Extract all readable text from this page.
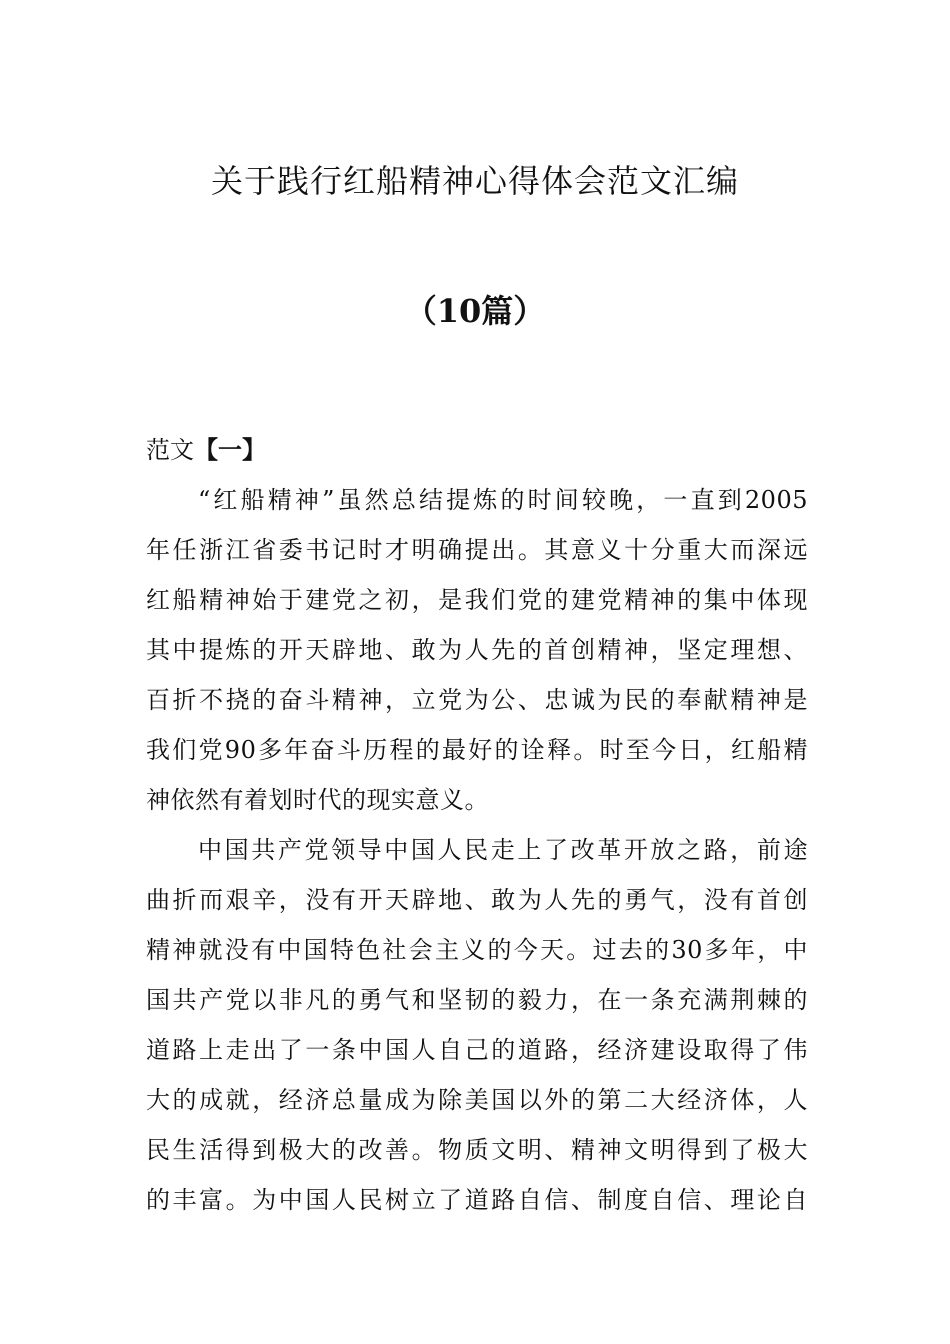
关于践行红船精神心得体会范文汇编
（10篇）
范文【一】
“红船精神”虽然总结提炼的时间较晚，一直到2005
年任浙江省委书记时才明确提出。其意义十分重大而深远
红船精神始于建党之初，是我们党的建党精神的集中体现
其中提炼的开天辟地、敢为人先的首创精神，坚定理想、
百折不挠的奋斗精神，立党为公、忠诚为民的奉献精神是
我们党90多年奋斗历程的最好的诠释。时至今日，红船精
神依然有着划时代的现实意义。
中国共产党领导中国人民走上了改革开放之路，前途
曲折而艰辛，没有开天辟地、敢为人先的勇气，没有首创
精神就没有中国特色社会主义的今天。过去的30多年，中
国共产党以非凡的勇气和坚韧的毅力，在一条充满荆棘的
道路上走出了一条中国人自己的道路，经济建设取得了伟
大的成就，经济总量成为除美国以外的第二大经济体，人
民生活得到极大的改善。物质文明、精神文明得到了极大
的丰富。为中国人民树立了道路自信、制度自信、理论自
